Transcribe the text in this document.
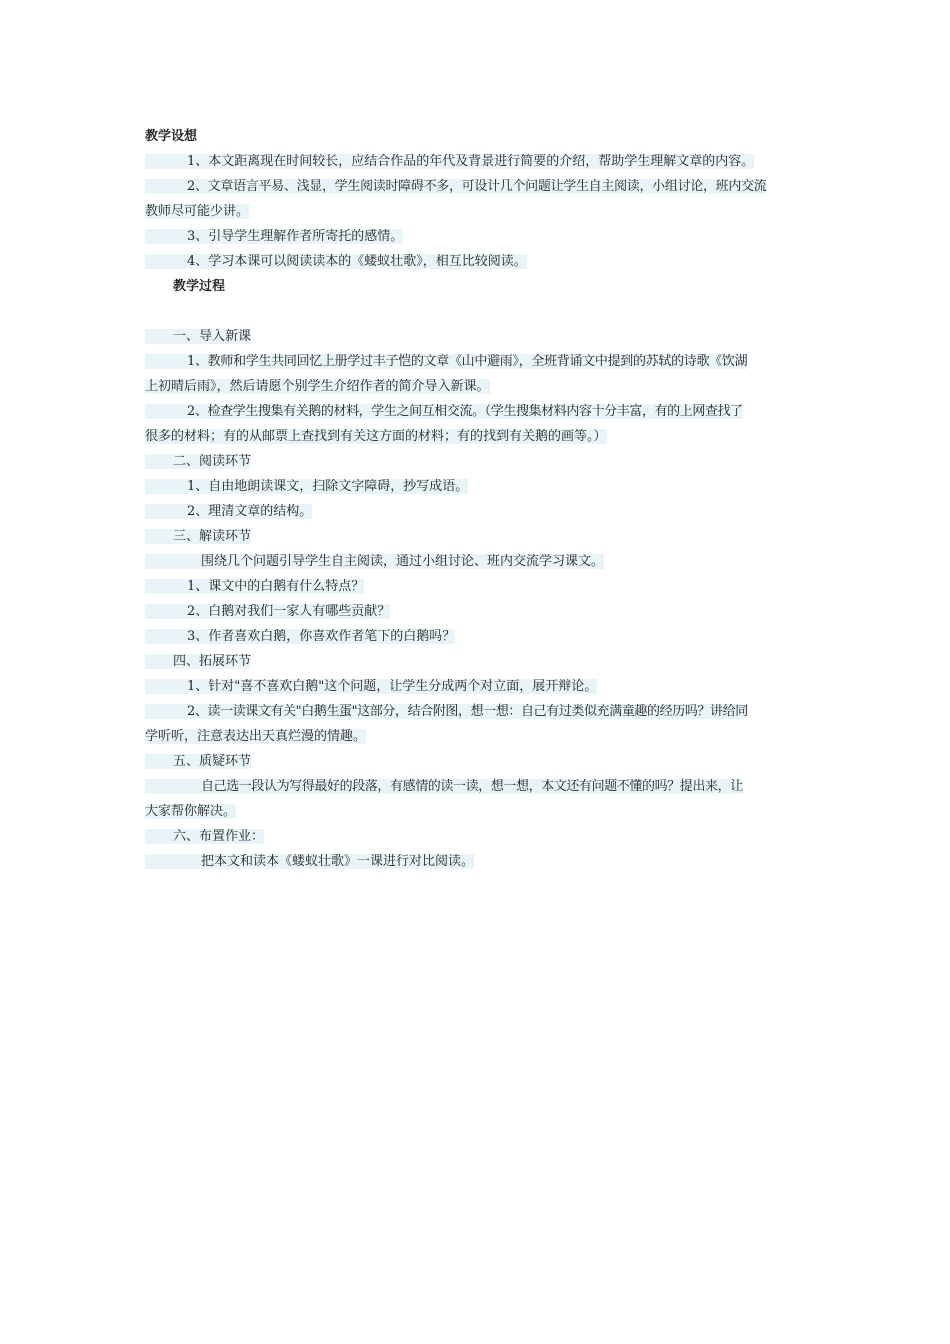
教学设想
1、本文距离现在时间较长，应结合作品的年代及背景进行简要的介绍，帮助学生理解文章的内容。
2、文章语言平易、浅显，学生阅读时障碍不多，可设计几个问题让学生自主阅读，小组讨论，班内交流
教师尽可能少讲。
3、引导学生理解作者所寄托的感情。
4、学习本课可以阅读读本的《蝼蚁壮歌》，相互比较阅读。
教学过程
一、导入新课
1、教师和学生共同回忆上册学过丰子恺的文章《山中避雨》，全班背诵文中提到的苏轼的诗歌《饮湖
上初晴后雨》，然后请愿个别学生介绍作者的简介导入新课。
2、检查学生搜集有关鹅的材料，学生之间互相交流。（学生搜集材料内容十分丰富，有的上网查找了
很多的材料；有的从邮票上查找到有关这方面的材料；有的找到有关鹅的画等。）
二、阅读环节
1、自由地朗读课文，扫除文字障碍，抄写成语。
2、理清文章的结构。
三、解读环节
围绕几个问题引导学生自主阅读，通过小组讨论、班内交流学习课文。
1、课文中的白鹅有什么特点？
2、白鹅对我们一家人有哪些贡献？
3、作者喜欢白鹅，你喜欢作者笔下的白鹅吗？
四、拓展环节
1、针对"喜不喜欢白鹅"这个问题，让学生分成两个对立面，展开辩论。
2、读一读课文有关"白鹅生蛋"这部分，结合附图，想一想：自己有过类似充满童趣的经历吗？讲给同
学听听，注意表达出天真烂漫的情趣。
五、质疑环节
自己选一段认为写得最好的段落，有感情的读一读，想一想，本文还有问题不懂的吗？提出来，让
大家帮你解决。
六、布置作业：
把本文和读本《蝼蚁壮歌》一课进行对比阅读。
